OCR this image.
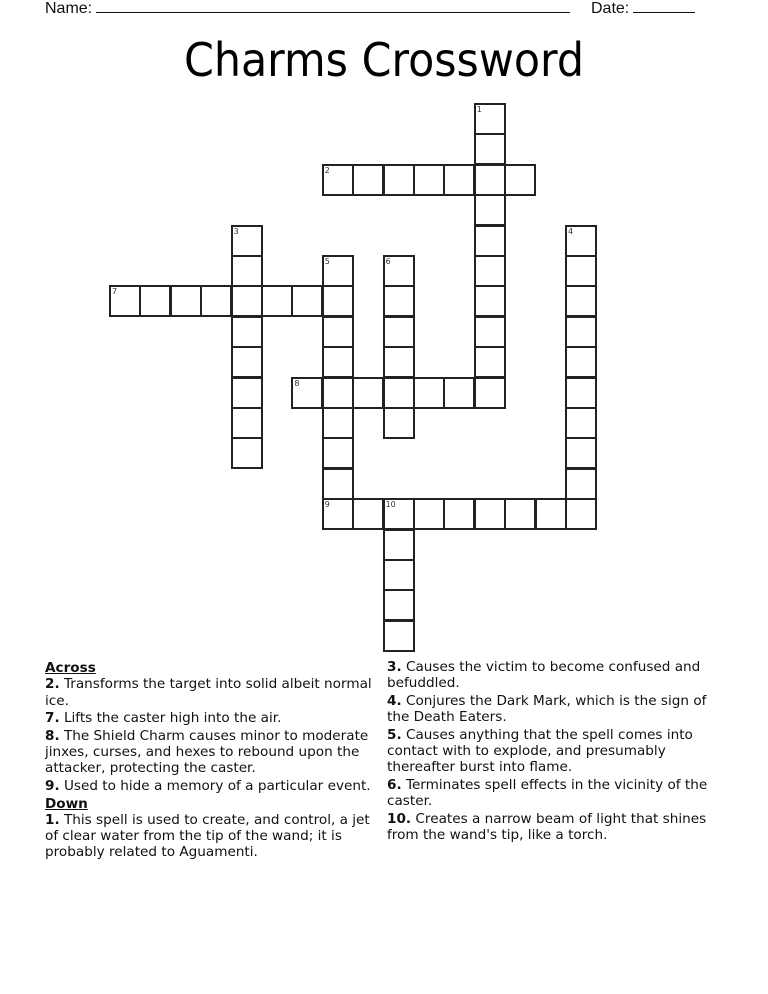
Name:	Date:
Charms Crossword
1
2
3	4
5
9
6
7
8
10
Across
2. Transforms the target into solid albeit normal ice.
7. Lifts the caster high into the air.
8. The Shield Charm causes minor to moderate jinxes, curses, and hexes to rebound upon the attacker, protecting the caster.
9. Used to hide a memory of a particular event.
Down
1. This spell is used to create, and control, a jet of clear water from the tip of the wand; it is probably related to Aguamenti.
3. Causes the victim to become confused and befuddled.
4. Conjures the Dark Mark, which is the sign of the Death Eaters.
5. Causes anything that the spell comes into contact with to explode, and presumably thereafter burst into flame.
6. Terminates spell effects in the vicinity of the caster.
10. Creates a narrow beam of light that shines from the wand's tip, like a torch.
